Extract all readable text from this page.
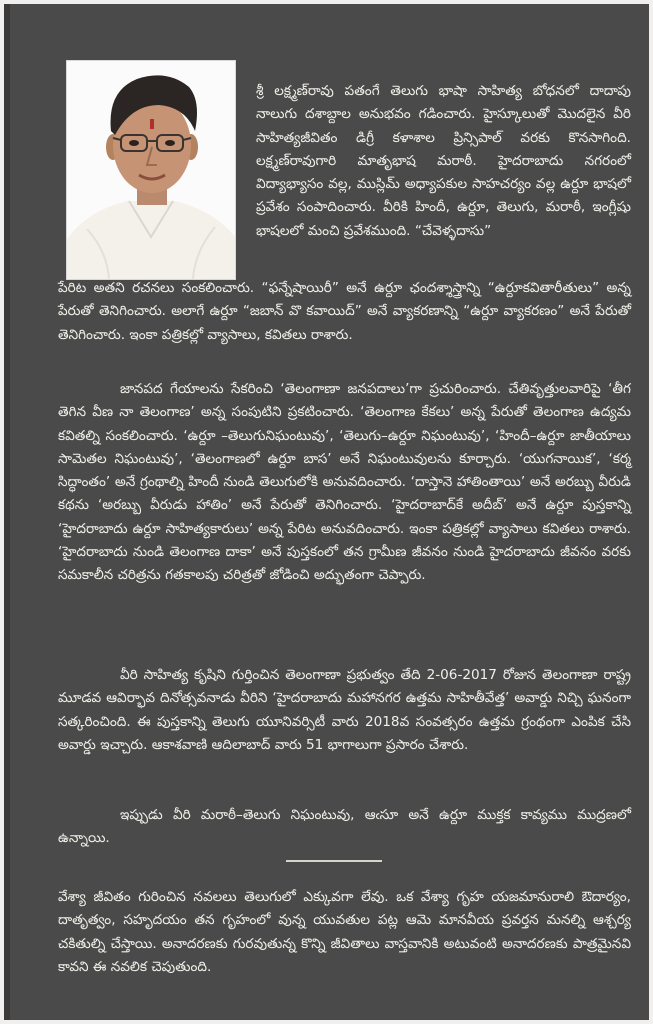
శ్రీ లక్ష్మణ్‌రావు పతంగే తెలుగు భాషా సాహిత్య బోధనలో దాదాపు నాలుగు దశాబ్దాల అనుభవం గడించారు. హైస్కూలుతో మొదలైన వీరి సాహిత్యజీవితం డిగ్రీ కళాశాల ప్రిన్సిపాల్ వరకు కొనసాగింది. లక్ష్మణ్‌రావుగారి మాతృభాష మరాఠీ. హైదరాబాదు నగరంలో విద్యాభ్యాసం వల్ల, ముస్లిమ్ అధ్యాపకుల సాహచర్యం వల్ల ఉర్దూ భాషలో ప్రవేశం సంపాదించారు. వీరికి హిందీ, ఉర్దూ, తెలుగు, మరాఠీ, ఇంగ్లీషు భాషలలో మంచి ప్రవేశముంది. “చేవెళ్ళదాసు”

పేరిట అతని రచనలు సంకలించారు. “ఫన్నేషాయిరీ” అనే ఉర్దూ ఛందశ్శాస్త్రాన్ని “ఉర్దూకవితారీతులు” అన్న పేరుతో తెనిగించారు. అలాగే ఉర్దూ “జబాన్ వొ కవాయిద్” అనే వ్యాకరణాన్ని “ఉర్దూ వ్యాకరణం” అనే పేరుతో తెనిగించారు. ఇంకా పత్రికల్లో వ్యాసాలు, కవితలు రాశారు.

జానపద గేయాలను సేకరించి ‘తెలంగాణా జనపదాలు’గా ప్రచురించారు. చేతివృత్తులవారిపై ‘తీగ తెగిన వీణ నా తెలంగాణ’ అన్న సంపుటిని ప్రకటించారు. ‘తెలంగాణ కేకలు’ అన్న పేరుతో తెలంగాణ ఉద్యమ కవితల్ని సంకలించారు. ‘ఉర్దూ –తెలుగునిఘంటువు’, ‘తెలుగు–ఉర్దూ నిఘంటువు’, ‘హిందీ–ఉర్దూ జాతీయాలు సామెతల నిఘంటువు’, ‘తెలంగాణలో ఉర్దూ బాస’ అనే నిఘంటువులను కూర్చారు. ‘యుగనాయిక’, ‘కర్మ సిద్ధాంతం’ అనే గ్రంథాల్ని హిందీ నుండి తెలుగులోకి అనువదించారు. ‘దాస్తానె హాతింతాయి’ అనే అరబ్బు వీరుడి కథను ‘అరబ్బు వీరుడు హాతిం’ అనే పేరుతో తెనిగించారు. ‘హైదరాబాద్‌కే అదీబ్’ అనే ఉర్దూ పుస్తకాన్ని ‘హైదరాబాదు ఉర్దూ సాహిత్యకారులు’ అన్న పేరిట అనువదించారు. ఇంకా పత్రికల్లో వ్యాసాలు కవితలు రాశారు. ‘హైదరాబాదు నుండి తెలంగాణ దాకా’ అనే పుస్తకంలో తన గ్రామీణ జీవనం నుండి హైదరాబాదు జీవనం వరకు సమకాలీన చరిత్రను గతకాలపు చరిత్రతో జోడించి అద్భుతంగా చెప్పారు.

వీరి సాహిత్య కృషిని గుర్తించిన తెలంగాణా ప్రభుత్వం తేది 2-06-2017 రోజున తెలంగాణా రాష్ట్ర మూడవ ఆవిర్భావ దినోత్సవనాడు వీరిని ‘హైదరాబాదు మహానగర ఉత్తమ సాహితీవేత్త’ అవార్డు నిచ్చి ఘనంగా సత్కరించింది. ఈ పుస్తకాన్ని తెలుగు యూనివర్సిటీ వారు 2018వ సంవత్సరం ఉత్తమ గ్రంథంగా ఎంపిక చేసి అవార్డు ఇచ్చారు. ఆకాశవాణి ఆదిలాబాద్ వారు 51 భాగాలుగా ప్రసారం చేశారు.

ఇప్పుడు వీరి మరాఠీ–తెలుగు నిఘంటువు, ఆఁసూ అనే ఉర్దూ ముక్తక కావ్యము ముద్రణలో ఉన్నాయి.

వేశ్యా జీవితం గురించిన నవలలు తెలుగులో ఎక్కువగా లేవు. ఒక వేశ్యా గృహ యజమానురాలి ఔదార్యం, దాతృత్వం, సహృదయం తన గృహంలో వున్న యువతుల పట్ల ఆమె మానవీయ ప్రవర్తన మనల్ని ఆశ్చర్య చకితుల్ని చేస్తాయి. అనాదరణకు గురవుతున్న కొన్ని జీవితాలు వాస్తవానికి అటువంటి అనాదరణకు పాత్రమైనవి కావని ఈ నవలిక చెపుతుంది.
